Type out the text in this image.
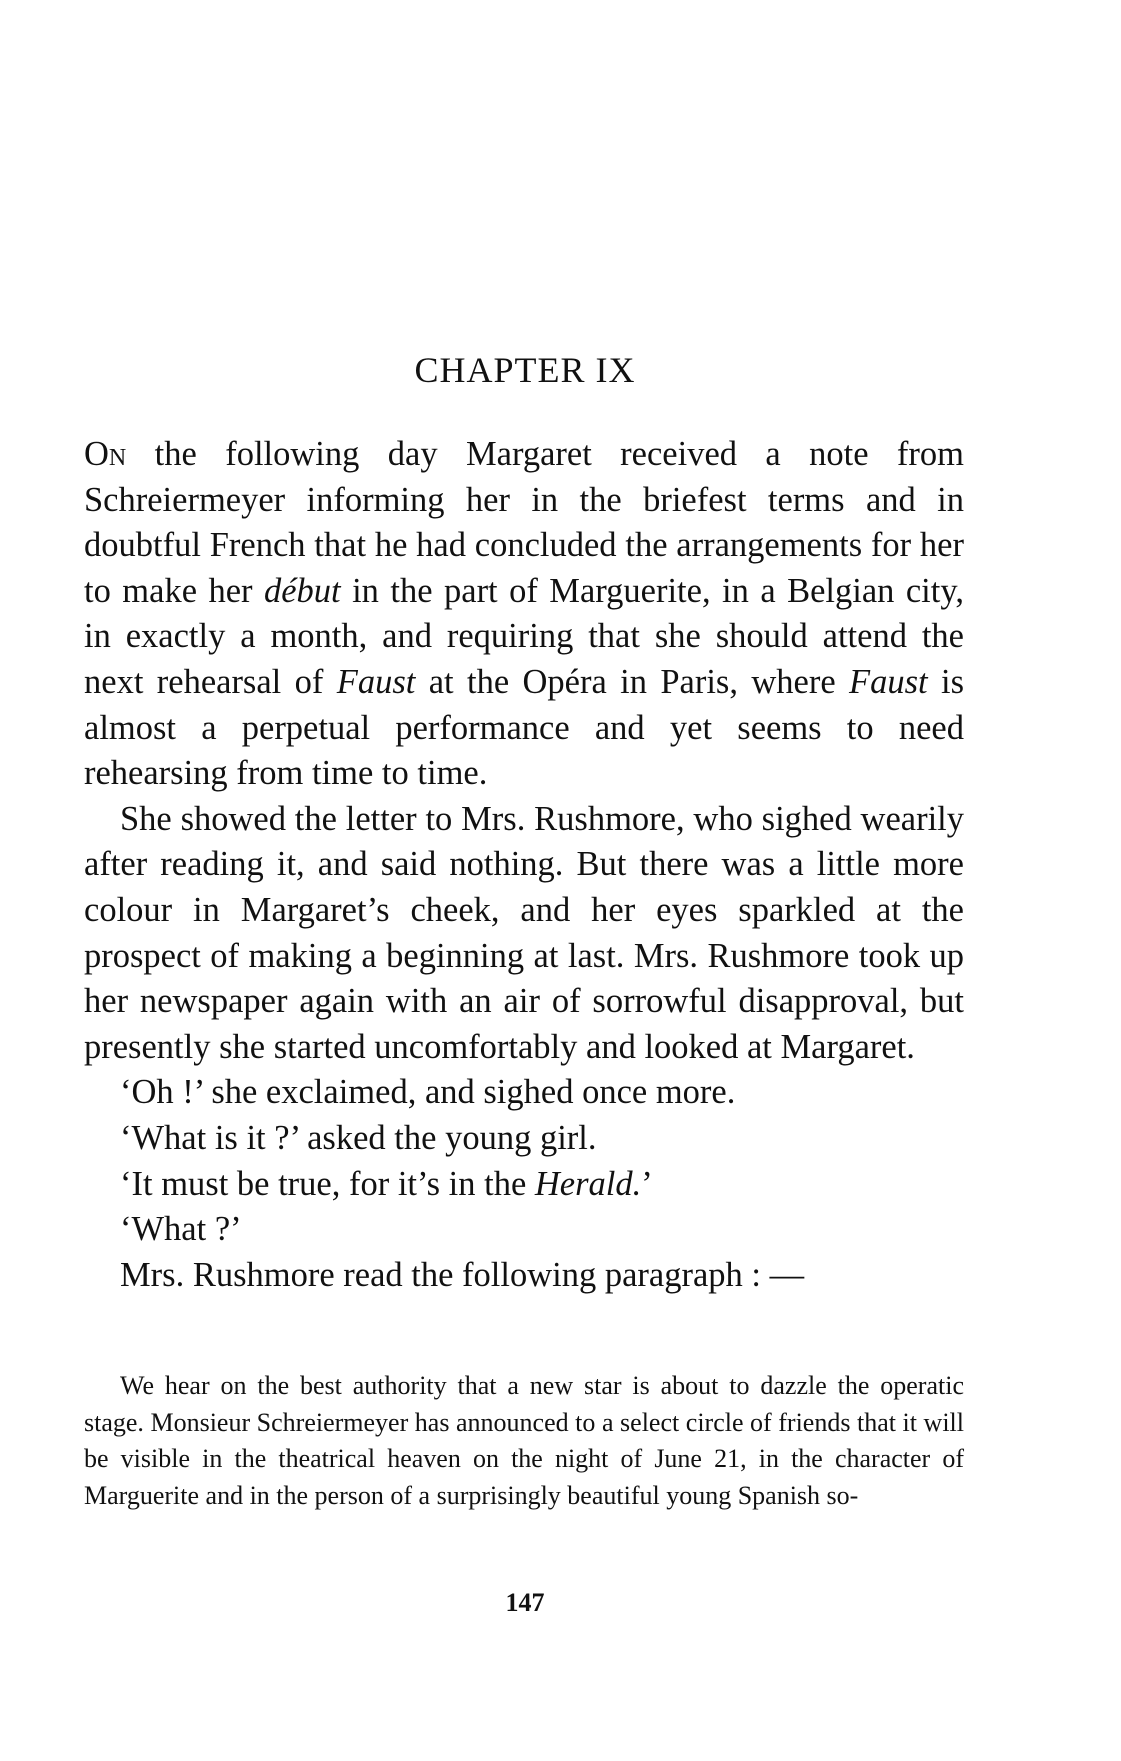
CHAPTER IX

On the following day Margaret received a note from Schreiermeyer informing her in the briefest terms and in doubtful French that he had concluded the arrangements for her to make her début in the part of Marguerite, in a Belgian city, in exactly a month, and requiring that she should attend the next rehearsal of Faust at the Opéra in Paris, where Faust is almost a perpetual performance and yet seems to need rehearsing from time to time.

She showed the letter to Mrs. Rushmore, who sighed wearily after reading it, and said nothing. But there was a little more colour in Margaret’s cheek, and her eyes sparkled at the prospect of making a beginning at last. Mrs. Rushmore took up her newspaper again with an air of sorrowful disapproval, but presently she started uncomfortably and looked at Margaret.

‘Oh !’ she exclaimed, and sighed once more.

‘What is it ?’ asked the young girl.

‘It must be true, for it’s in the Herald.’

‘What ?’

Mrs. Rushmore read the following paragraph : —

We hear on the best authority that a new star is about to dazzle the operatic stage. Monsieur Schreiermeyer has announced to a select circle of friends that it will be visible in the theatrical heaven on the night of June 21, in the character of Marguerite and in the person of a surprisingly beautiful young Spanish so-

147
